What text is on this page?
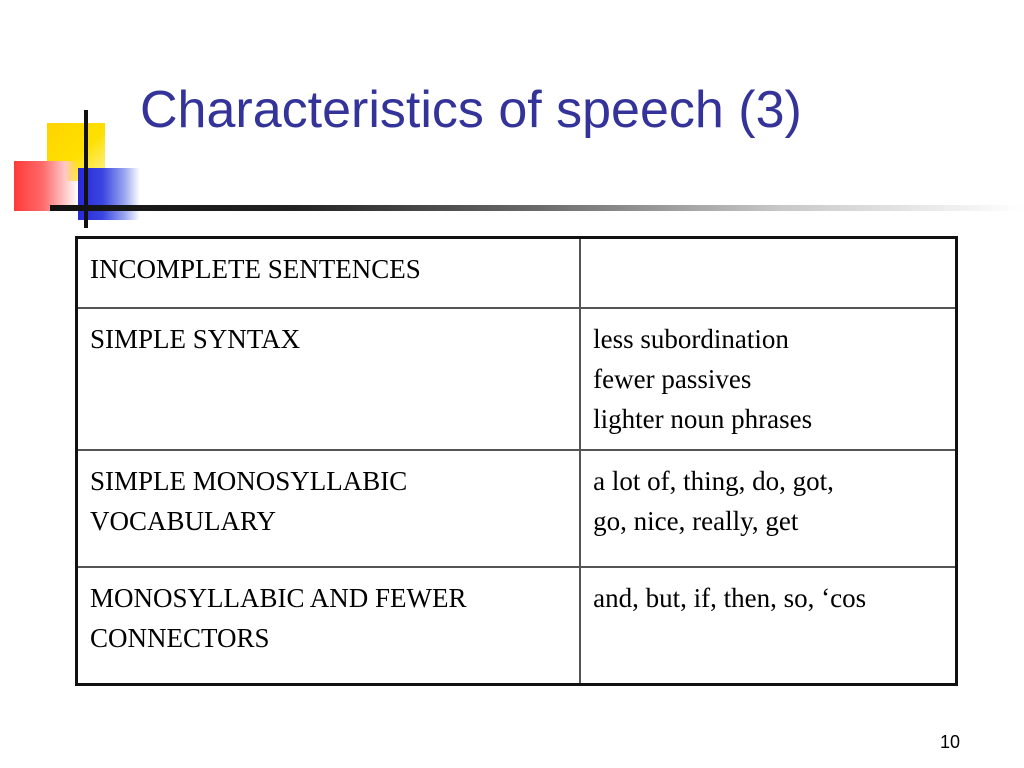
Characteristics of speech (3)
INCOMPLETE SENTENCES	

SIMPLE SYNTAX	less subordination
fewer passives
lighter noun phrases

SIMPLE MONOSYLLABIC
VOCABULARY	a lot of, thing, do, got,
go, nice, really, get

MONOSYLLABIC AND FEWER
CONNECTORS	and, but, if, then, so, ‘cos
10
